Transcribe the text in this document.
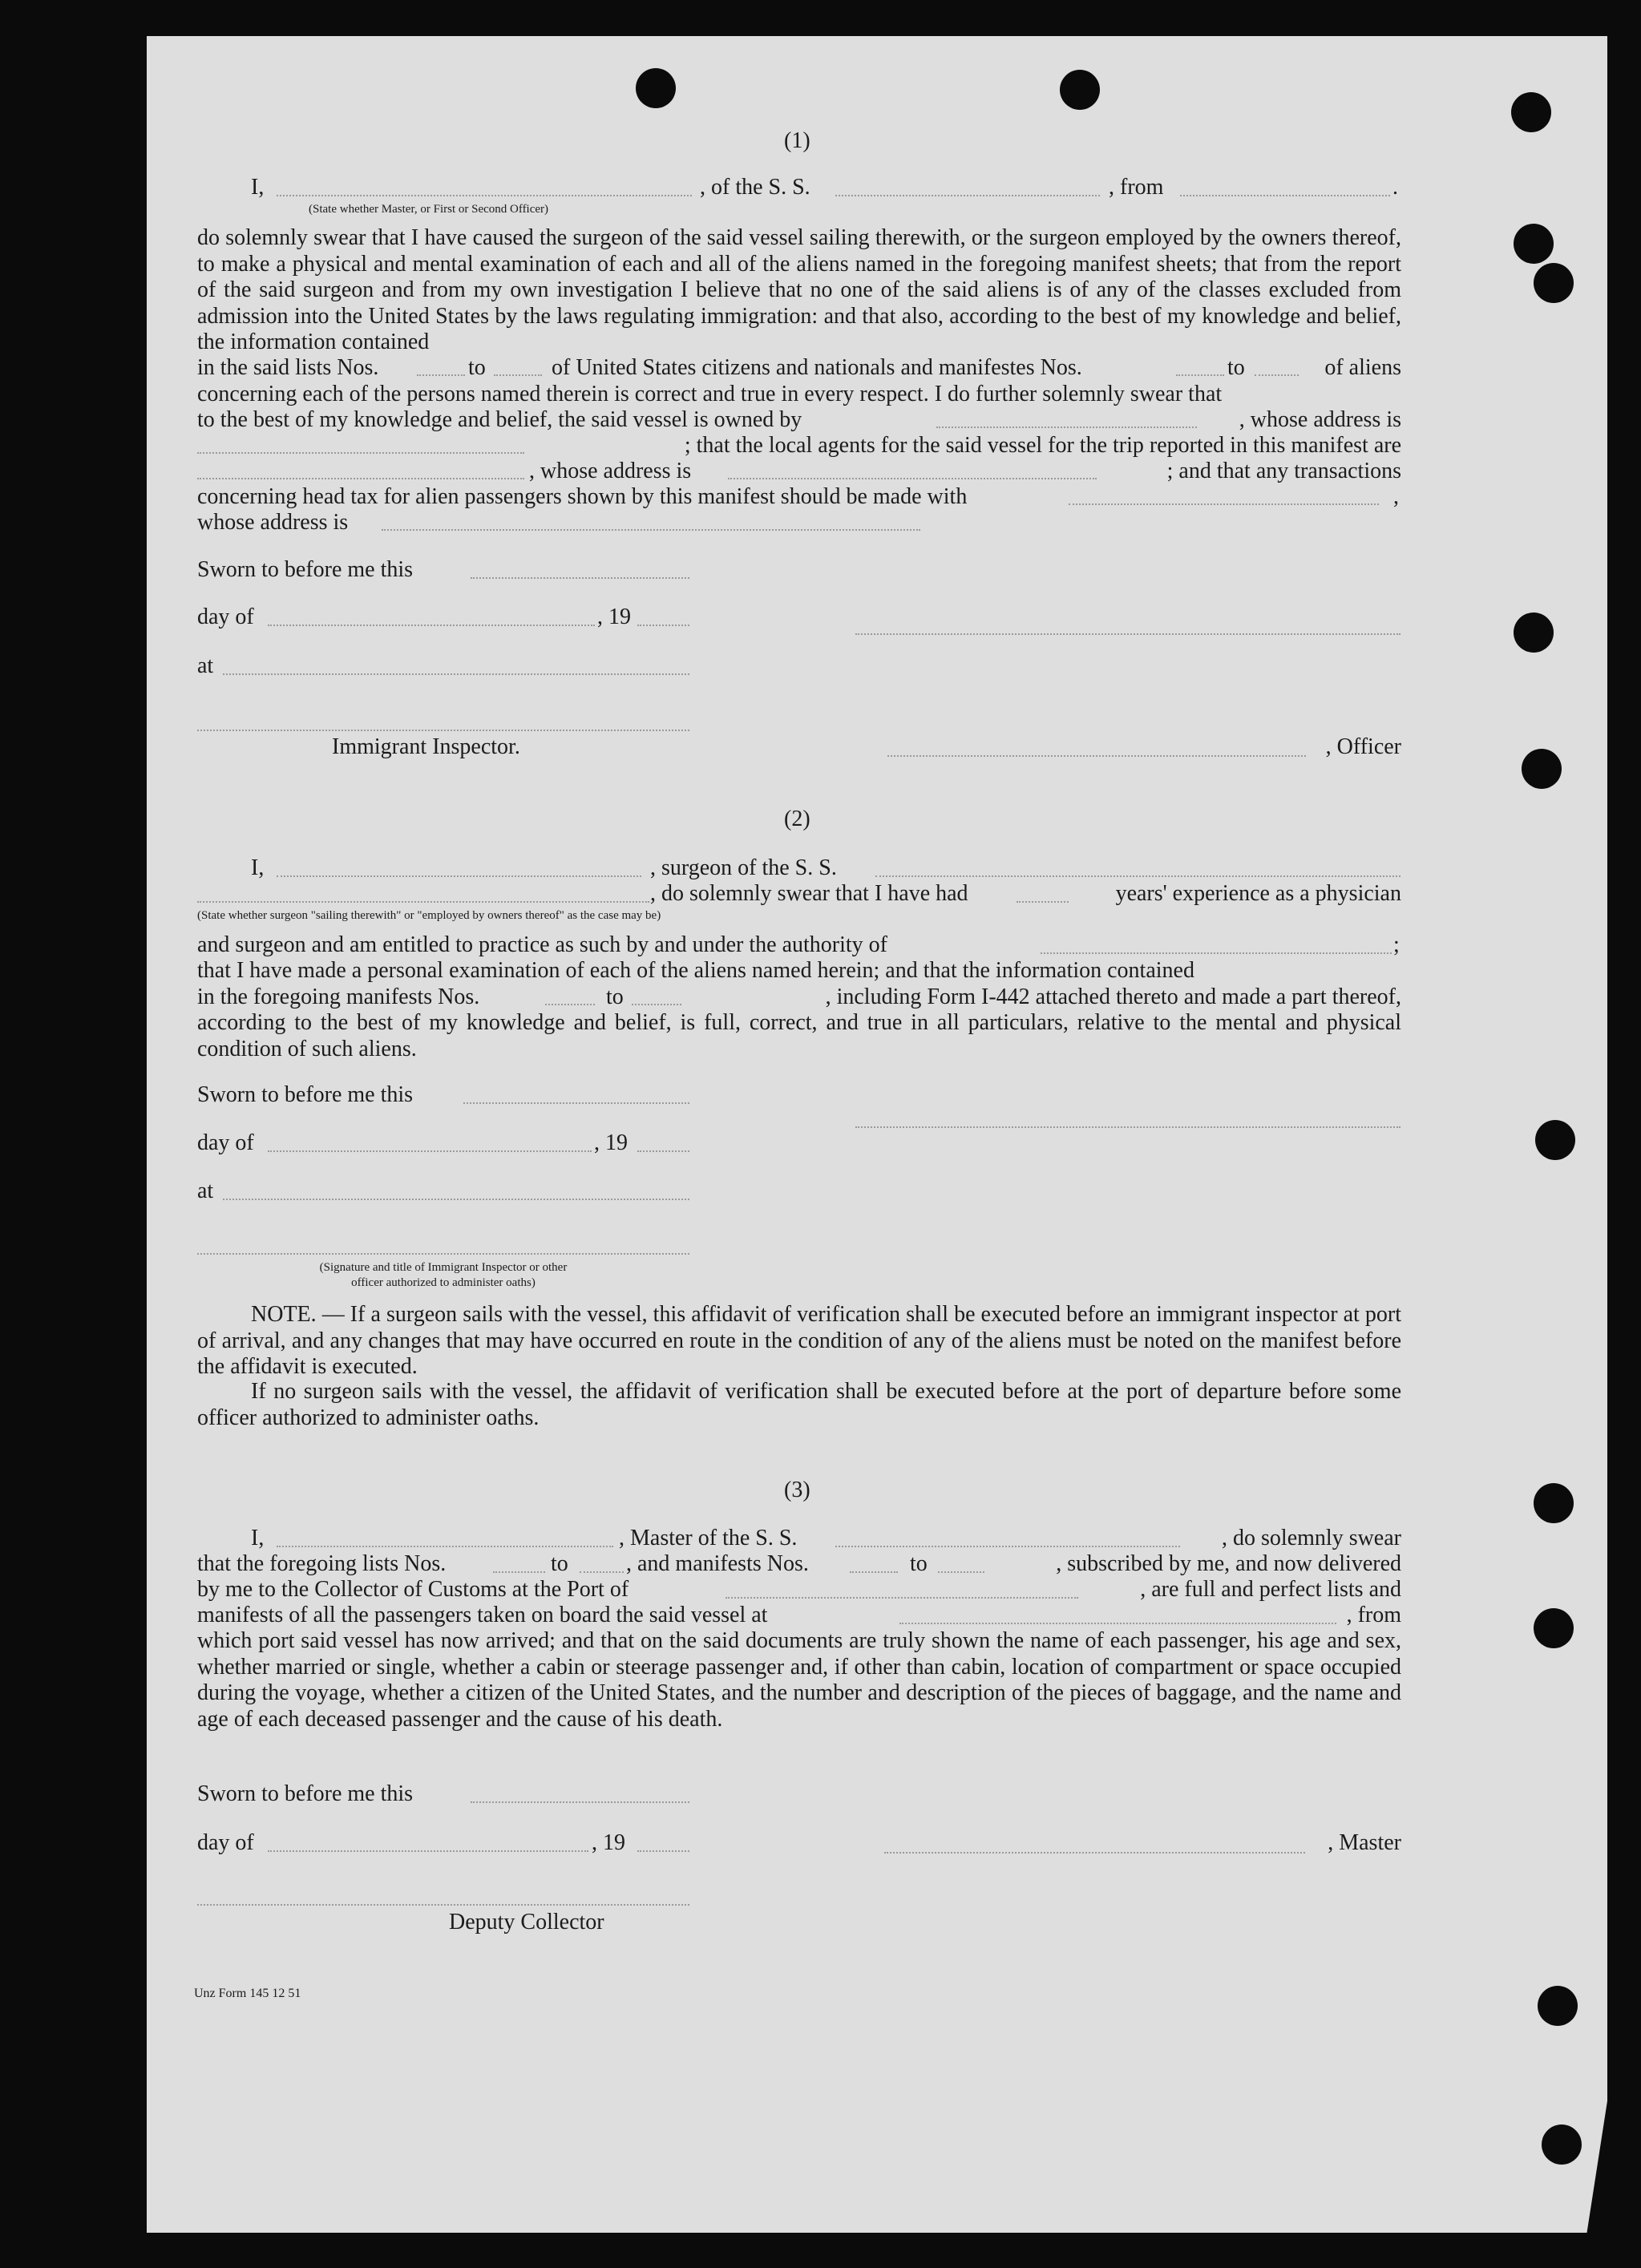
(1)
I,	, of the S. S.	, from	.
(State whether Master, or First or Second Officer)
do solemnly swear that I have caused the surgeon of the said vessel sailing therewith, or the surgeon employed by the owners thereof, to make a physical and mental examination of each and all of the aliens named in the foregoing manifest sheets; that from the report of the said surgeon and from my own investigation I believe that no one of the said aliens is of any of the classes excluded from admission into the United States by the laws regulating immigration: and that also, according to the best of my knowledge and belief, the information contained
in the said lists Nos.	to	of United States citizens and nationals and manifestes Nos.	to	of aliens
concerning each of the persons named therein is correct and true in every respect. I do further solemnly swear that
to the best of my knowledge and belief, the said vessel is owned by	, whose address is
; that the local agents for the said vessel for the trip reported in this manifest are
, whose address is	; and that any transactions
concerning head tax for alien passengers shown by this manifest should be made with	,
whose address is
Sworn to before me this
day of	, 19
at
Immigrant Inspector.	, Officer
(2)
I,	, surgeon of the S. S.
, do solemnly swear that I have had	years' experience as a physician
(State whether surgeon "sailing therewith" or "employed by owners thereof" as the case may be)
and surgeon and am entitled to practice as such by and under the authority of	;
that I have made a personal examination of each of the aliens named herein; and that the information contained
in the foregoing manifests Nos.	to	, including Form I-442 attached thereto and made a part thereof,
according to the best of my knowledge and belief, is full, correct, and true in all particulars, relative to the mental and physical condition of such aliens.
Sworn to before me this
day of	, 19
at
(Signature and title of Immigrant Inspector or other
officer authorized to administer oaths)
NOTE. — If a surgeon sails with the vessel, this affidavit of verification shall be executed before an immigrant inspector at port of arrival, and any changes that may have occurred en route in the condition of any of the aliens must be noted on the manifest before the affidavit is executed.
If no surgeon sails with the vessel, the affidavit of verification shall be executed before at the port of departure before some officer authorized to administer oaths.
(3)
I,	, Master of the S. S.	, do solemnly swear
that the foregoing lists Nos.	to	, and manifests Nos.	to	, subscribed by me, and now delivered
by me to the Collector of Customs at the Port of	, are full and perfect lists and
manifests of all the passengers taken on board the said vessel at	, from
which port said vessel has now arrived; and that on the said documents are truly shown the name of each passenger, his age and sex, whether married or single, whether a cabin or steerage passenger and, if other than cabin, location of compartment or space occupied during the voyage, whether a citizen of the United States, and the number and description of the pieces of baggage, and the name and age of each deceased passenger and the cause of his death.
Sworn to before me this
day of	, 19	, Master
Deputy Collector
Unz Form 145 12 51
